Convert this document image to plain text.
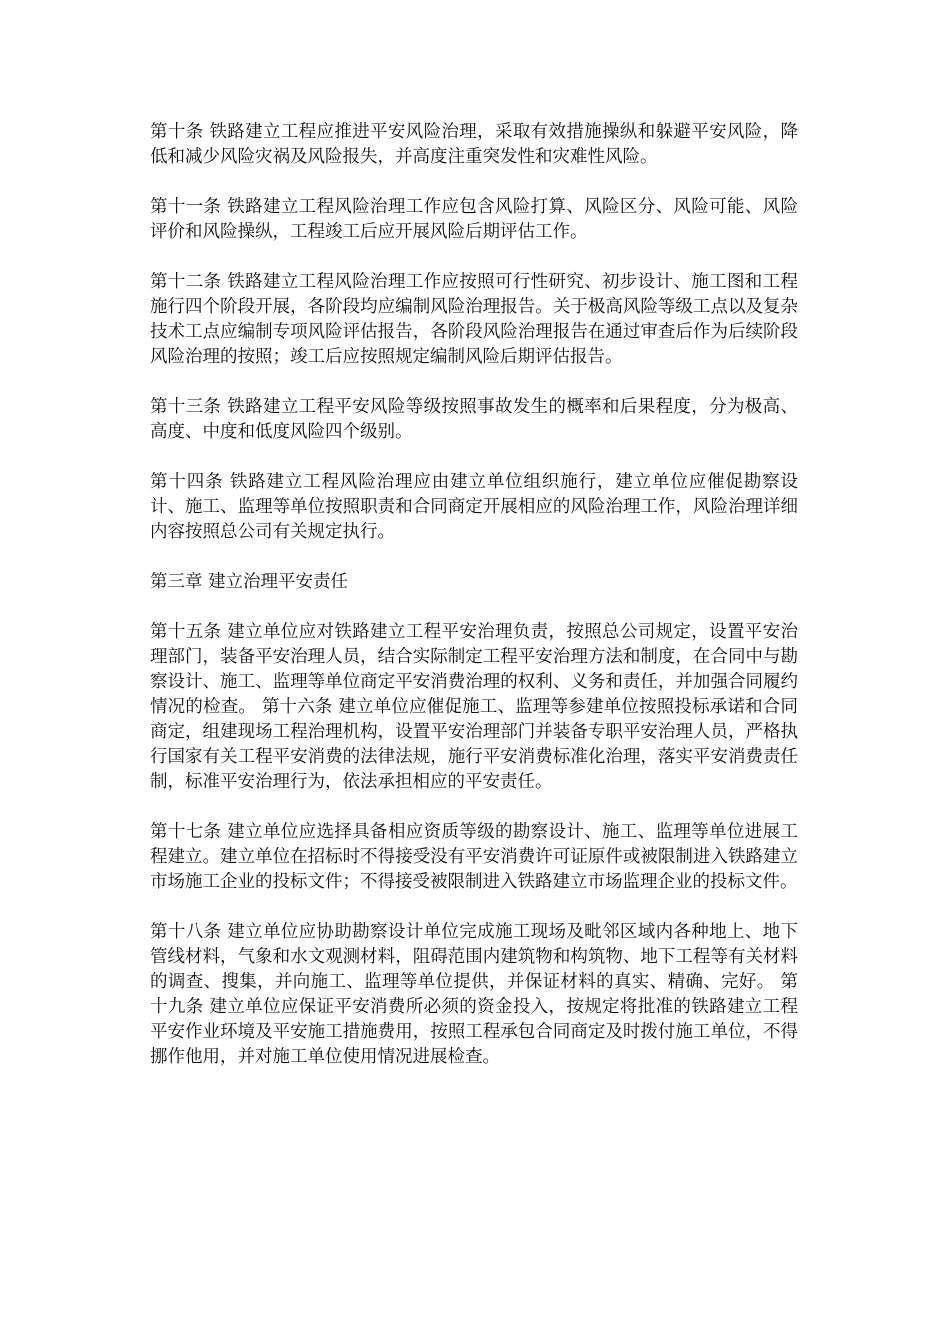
第十条 铁路建立工程应推进平安风险治理，采取有效措施操纵和躲避平安风险，降低和减少风险灾祸及风险报失，并高度注重突发性和灾难性风险。

第十一条 铁路建立工程风险治理工作应包含风险打算、风险区分、风险可能、风险评价和风险操纵，工程竣工后应开展风险后期评估工作。

第十二条 铁路建立工程风险治理工作应按照可行性研究、初步设计、施工图和工程施行四个阶段开展，各阶段均应编制风险治理报告。关于极高风险等级工点以及复杂技术工点应编制专项风险评估报告，各阶段风险治理报告在通过审查后作为后续阶段风险治理的按照；竣工后应按照规定编制风险后期评估报告。

第十三条 铁路建立工程平安风险等级按照事故发生的概率和后果程度，分为极高、高度、中度和低度风险四个级别。

第十四条 铁路建立工程风险治理应由建立单位组织施行，建立单位应催促勘察设计、施工、监理等单位按照职责和合同商定开展相应的风险治理工作，风险治理详细内容按照总公司有关规定执行。

第三章 建立治理平安责任

第十五条 建立单位应对铁路建立工程平安治理负责，按照总公司规定，设置平安治理部门，装备平安治理人员，结合实际制定工程平安治理方法和制度，在合同中与勘察设计、施工、监理等单位商定平安消费治理的权利、义务和责任，并加强合同履约情况的检查。 第十六条 建立单位应催促施工、监理等参建单位按照投标承诺和合同商定，组建现场工程治理机构，设置平安治理部门并装备专职平安治理人员，严格执行国家有关工程平安消费的法律法规，施行平安消费标准化治理，落实平安消费责任制，标准平安治理行为，依法承担相应的平安责任。

第十七条 建立单位应选择具备相应资质等级的勘察设计、施工、监理等单位进展工程建立。建立单位在招标时不得接受没有平安消费许可证原件或被限制进入铁路建立市场施工企业的投标文件；不得接受被限制进入铁路建立市场监理企业的投标文件。

第十八条 建立单位应协助勘察设计单位完成施工现场及毗邻区域内各种地上、地下管线材料，气象和水文观测材料，阻碍范围内建筑物和构筑物、地下工程等有关材料的调查、搜集，并向施工、监理等单位提供，并保证材料的真实、精确、完好。 第十九条 建立单位应保证平安消费所必须的资金投入，按规定将批准的铁路建立工程平安作业环境及平安施工措施费用，按照工程承包合同商定及时拨付施工单位，不得挪作他用，并对施工单位使用情况进展检查。
